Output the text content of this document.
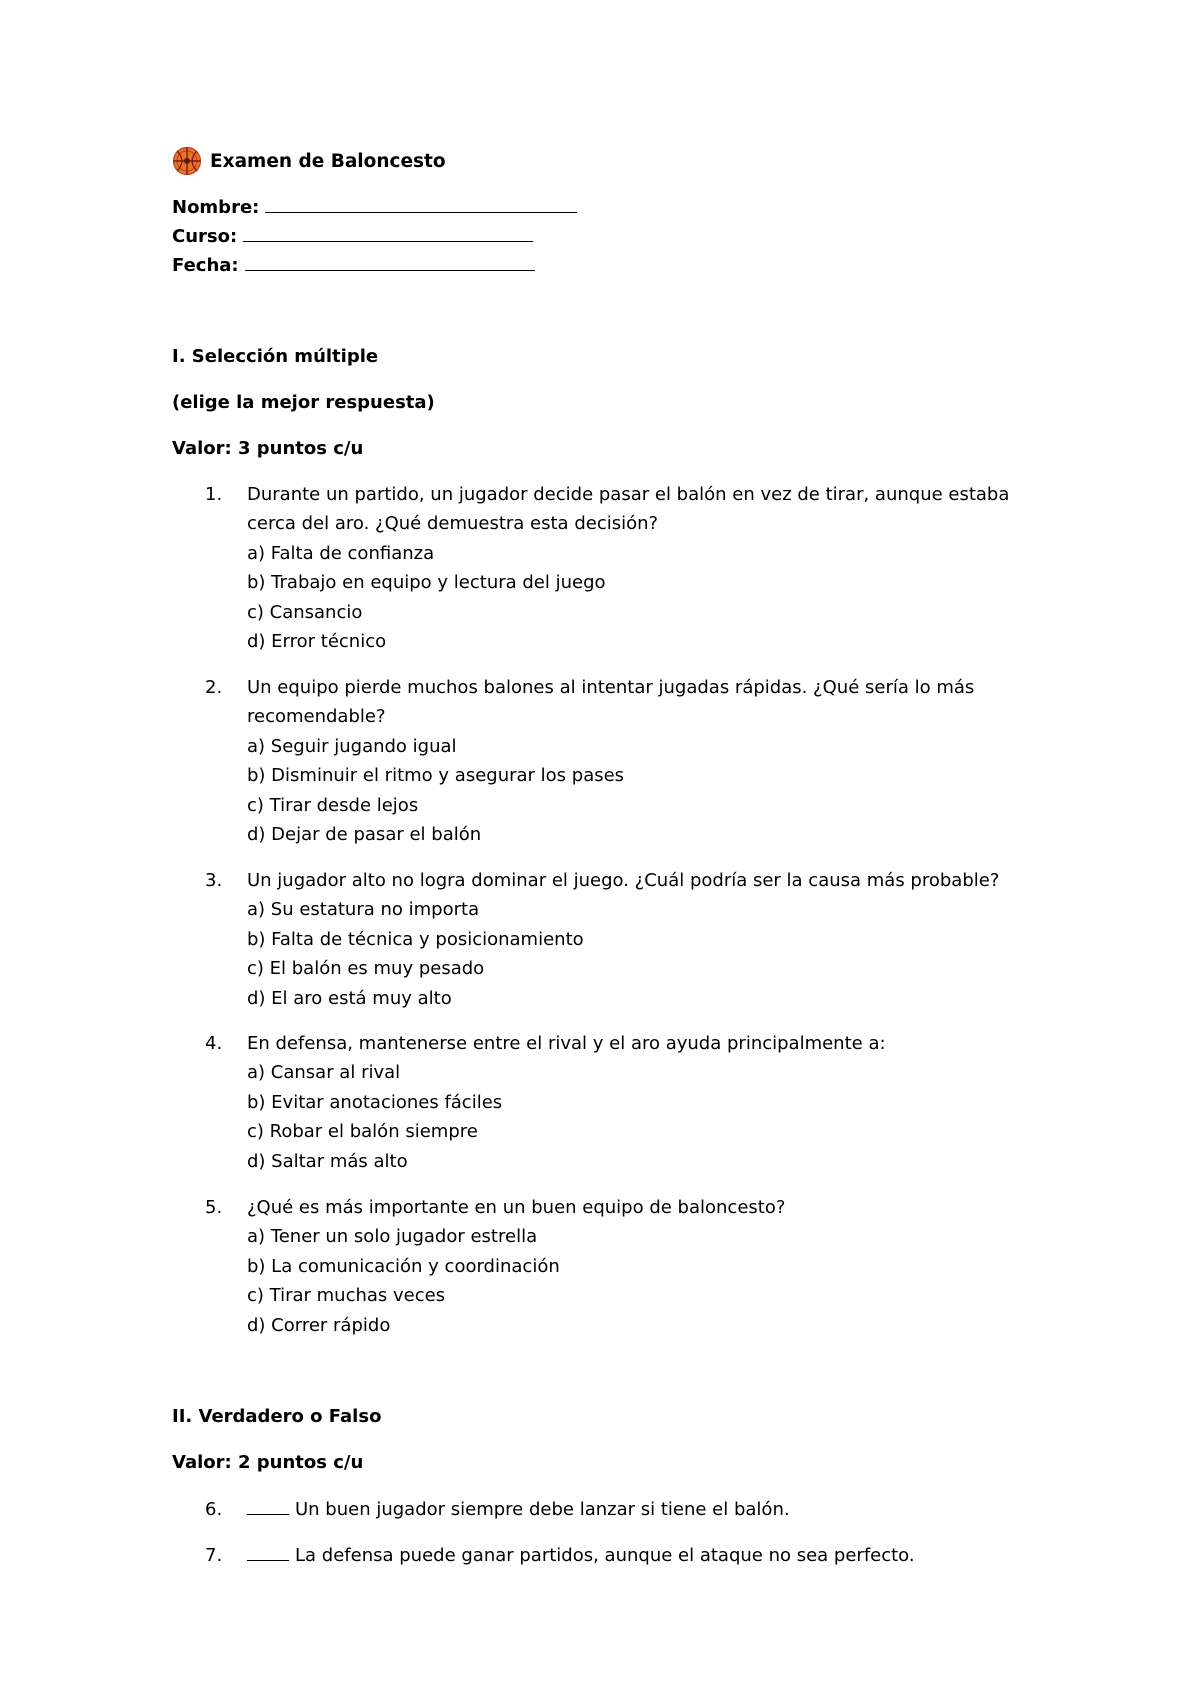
Examen de Baloncesto
Nombre:
Curso:
Fecha:
I. Selección múltiple
(elige la mejor respuesta)
Valor: 3 puntos c/u
1.	Durante un partido, un jugador decide pasar el balón en vez de tirar, aunque estaba
cerca del aro. ¿Qué demuestra esta decisión?
a) Falta de confianza
b) Trabajo en equipo y lectura del juego
c) Cansancio
d) Error técnico
2.	Un equipo pierde muchos balones al intentar jugadas rápidas. ¿Qué sería lo más
recomendable?
a) Seguir jugando igual
b) Disminuir el ritmo y asegurar los pases
c) Tirar desde lejos
d) Dejar de pasar el balón
3.	Un jugador alto no logra dominar el juego. ¿Cuál podría ser la causa más probable?
a) Su estatura no importa
b) Falta de técnica y posicionamiento
c) El balón es muy pesado
d) El aro está muy alto
4.	En defensa, mantenerse entre el rival y el aro ayuda principalmente a:
a) Cansar al rival
b) Evitar anotaciones fáciles
c) Robar el balón siempre
d) Saltar más alto
5.	¿Qué es más importante en un buen equipo de baloncesto?
a) Tener un solo jugador estrella
b) La comunicación y coordinación
c) Tirar muchas veces
d) Correr rápido
II. Verdadero o Falso
Valor: 2 puntos c/u
6.	Un buen jugador siempre debe lanzar si tiene el balón.
7.	La defensa puede ganar partidos, aunque el ataque no sea perfecto.
